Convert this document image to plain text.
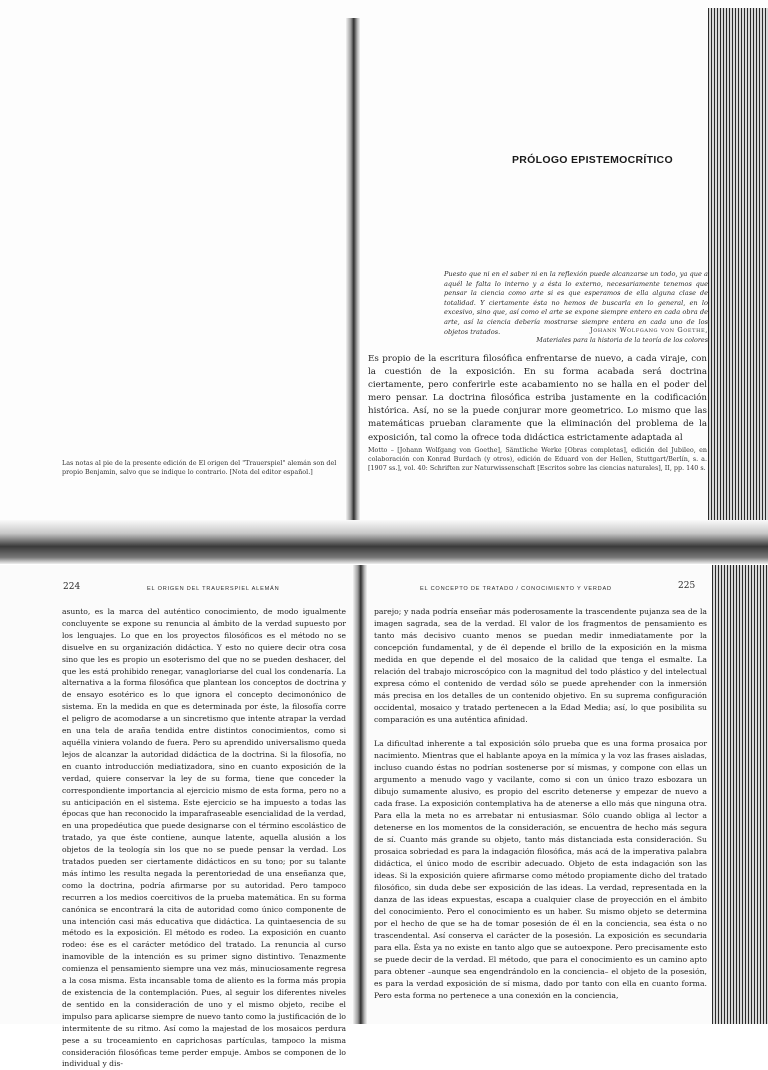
Las notas al pie de la presente edición de El origen del "Trauerspiel" alemán son del propio Benjamin, salvo que se indique lo contrario. [Nota del editor español.]
PRÓLOGO EPISTEMOCRÍTICO
Puesto que ni en el saber ni en la reflexión puede alcanzarse un todo, ya que a aquél le falta lo interno y a ésta lo externo, necesariamente tenemos que pensar la ciencia como arte si es que esperamos de ella alguna clase de totalidad. Y ciertamente ésta no hemos de buscarla en lo general, en lo excesivo, sino que, así como el arte se expone siempre entero en cada obra de arte, así la ciencia debería mostrarse siempre entera en cada uno de los objetos tratados.	Johann Wolfgang von Goethe,
Materiales para la historia de la teoría de los colores
Es propio de la escritura filosófica enfrentarse de nuevo, a cada viraje, con la cuestión de la exposición. En su forma acabada será doctrina ciertamente, pero conferirle este acabamiento no se halla en el poder del mero pensar. La doctrina filosófica estriba justamente en la codificación histórica. Así, no se la puede conjurar more geometrico. Lo mismo que las matemáticas prueban claramente que la eliminación del problema de la exposición, tal como la ofrece toda didáctica estrictamente adaptada al
Motto – [Johann Wolfgang von Goethe], Sämtliche Werke [Obras completas], edición del Jubileo, en colaboración con Konrad Burdach (y otros), edición de Eduard von der Hellen, Stuttgart/Berlín, s. a. [1907 ss.], vol. 40: Schriften zur Naturwissenschaft [Escritos sobre las ciencias naturales], II, pp. 140 s.
224	EL ORIGEN DEL TRAUERSPIEL ALEMÁN
asunto, es la marca del auténtico conocimiento, de modo igualmente concluyente se expone su renuncia al ámbito de la verdad supuesto por los lenguajes. Lo que en los proyectos filosóficos es el método no se disuelve en su organización didáctica. Y esto no quiere decir otra cosa sino que les es propio un esoterismo del que no se pueden deshacer, del que les está prohibido renegar, vanagloriarse del cual los condenaría. La alternativa a la forma filosófica que plantean los conceptos de doctrina y de ensayo esotérico es lo que ignora el concepto decimonónico de sistema. En la medida en que es determinada por éste, la filosofía corre el peligro de acomodarse a un sincretismo que intente atrapar la verdad en una tela de araña tendida entre distintos conocimientos, como si aquélla viniera volando de fuera. Pero su aprendido universalismo queda lejos de alcanzar la autoridad didáctica de la doctrina. Si la filosofía, no en cuanto introducción mediatizadora, sino en cuanto exposición de la verdad, quiere conservar la ley de su forma, tiene que conceder la correspondiente importancia al ejercicio mismo de esta forma, pero no a su anticipación en el sistema. Este ejercicio se ha impuesto a todas las épocas que han reconocido la imparafraseable esencialidad de la verdad, en una propedéutica que puede designarse con el término escolástico de tratado, ya que éste contiene, aunque latente, aquella alusión a los objetos de la teología sin los que no se puede pensar la verdad. Los tratados pueden ser ciertamente didácticos en su tono; por su talante más íntimo les resulta negada la perentoriedad de una enseñanza que, como la doctrina, podría afirmarse por su autoridad. Pero tampoco recurren a los medios coercitivos de la prueba matemática. En su forma canónica se encontrará la cita de autoridad como único componente de una intención casi más educativa que didáctica. La quintaesencia de su método es la exposición. El método es rodeo. La exposición en cuanto rodeo: ése es el carácter metódico del tratado. La renuncia al curso inamovible de la intención es su primer signo distintivo. Tenazmente comienza el pensamiento siempre una vez más, minuciosamente regresa a la cosa misma. Esta incansable toma de aliento es la forma más propia de existencia de la contemplación. Pues, al seguir los diferentes niveles de sentido en la consideración de uno y el mismo objeto, recibe el impulso para aplicarse siempre de nuevo tanto como la justificación de lo intermitente de su ritmo. Así como la majestad de los mosaicos perdura pese a su troceamiento en caprichosas partículas, tampoco la misma consideración filosóficas teme perder empuje. Ambos se componen de lo individual y dis-
EL CONCEPTO DE TRATADO / CONOCIMIENTO Y VERDAD	225

parejo; y nada podría enseñar más poderosamente la trascendente pujanza sea de la imagen sagrada, sea de la verdad. El valor de los fragmentos de pensamiento es tanto más decisivo cuanto menos se puedan medir inmediatamente por la concepción fundamental, y de él depende el brillo de la exposición en la misma medida en que depende el del mosaico de la calidad que tenga el esmalte. La relación del trabajo microscópico con la magnitud del todo plástico y del intelectual expresa cómo el contenido de verdad sólo se puede aprehender con la inmersión más precisa en los detalles de un contenido objetivo. En su suprema configuración occidental, mosaico y tratado pertenecen a la Edad Media; así, lo que posibilita su comparación es una auténtica afinidad.

La dificultad inherente a tal exposición sólo prueba que es una forma prosaica por nacimiento. Mientras que el hablante apoya en la mímica y la voz las frases aisladas, incluso cuando éstas no podrían sostenerse por sí mismas, y compone con ellas un argumento a menudo vago y vacilante, como si con un único trazo esbozara un dibujo sumamente alusivo, es propio del escrito detenerse y empezar de nuevo a cada frase. La exposición contemplativa ha de atenerse a ello más que ninguna otra. Para ella la meta no es arrebatar ni entusiasmar. Sólo cuando obliga al lector a detenerse en los momentos de la consideración, se encuentra de hecho más segura de sí. Cuanto más grande su objeto, tanto más distanciada esta consideración. Su prosaica sobriedad es para la indagación filosófica, más acá de la imperativa palabra didáctica, el único modo de escribir adecuado. Objeto de esta indagación son las ideas. Si la exposición quiere afirmarse como método propiamente dicho del tratado filosófico, sin duda debe ser exposición de las ideas. La verdad, representada en la danza de las ideas expuestas, escapa a cualquier clase de proyección en el ámbito del conocimiento. Pero el conocimiento es un haber. Su mismo objeto se determina por el hecho de que se ha de tomar posesión de él en la conciencia, sea ésta o no trascendental. Así conserva el carácter de la posesión. La exposición es secundaria para ella. Ésta ya no existe en tanto algo que se autoexpone. Pero precisamente esto se puede decir de la verdad. El método, que para el conocimiento es un camino apto para obtener –aunque sea engendrándolo en la conciencia– el objeto de la posesión, es para la verdad exposición de sí misma, dado por tanto con ella en cuanto forma. Pero esta forma no pertenece a una conexión en la conciencia,
